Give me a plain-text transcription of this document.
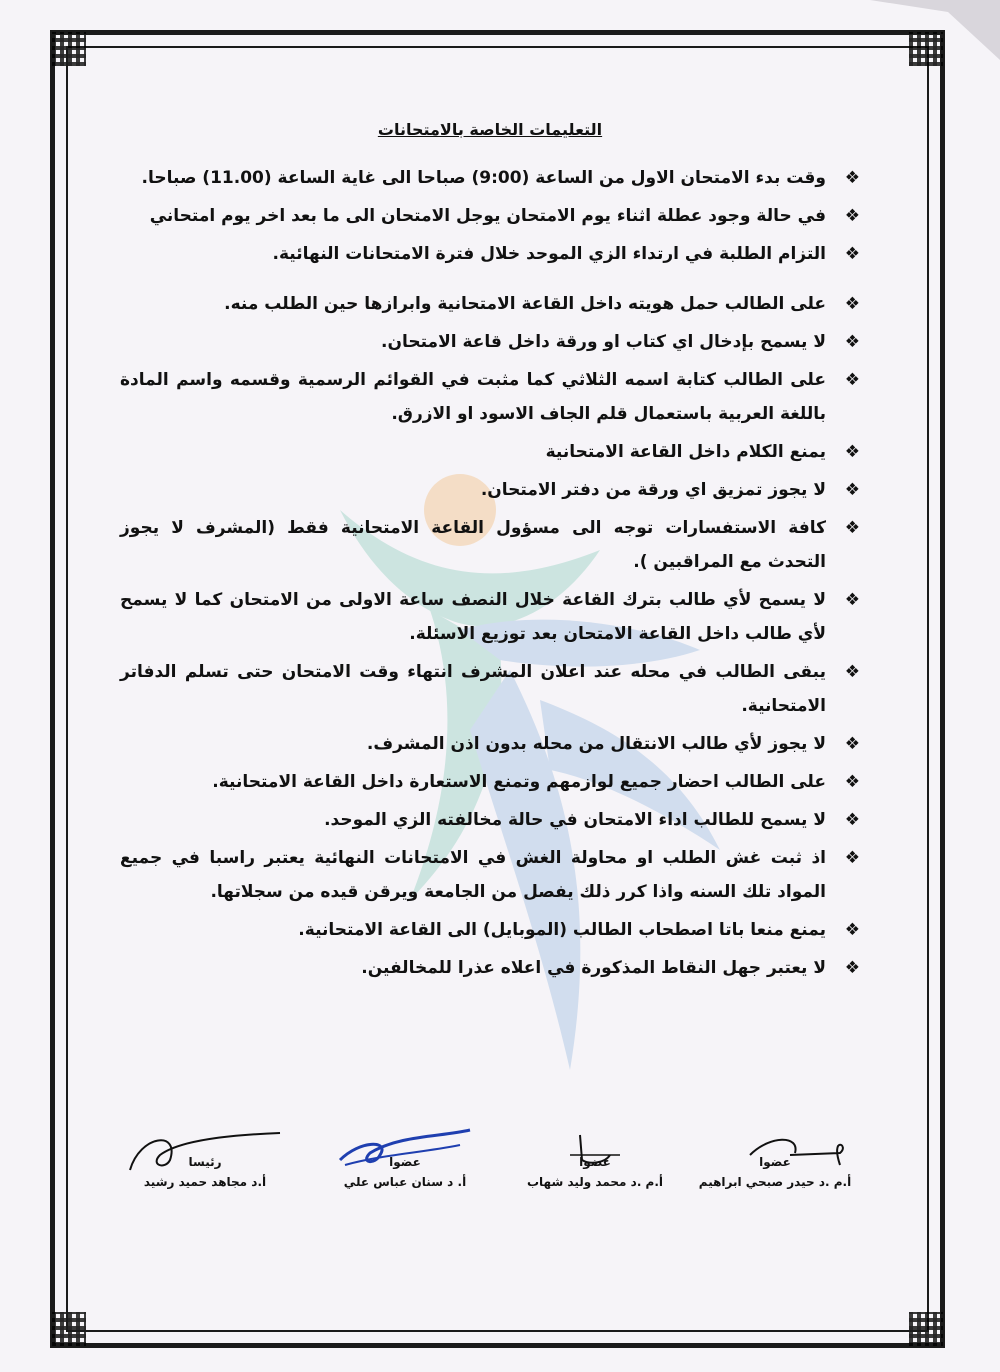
التعليمات الخاصة بالامتحانات
❖
وقت بدء الامتحان الاول من الساعة (9:00) صباحا الى غاية الساعة (11.00) صباحا.
❖
في حالة وجود عطلة اثناء يوم الامتحان يوجل الامتحان الى ما بعد اخر يوم امتحاني
❖
التزام الطلبة في ارتداء الزي الموحد خلال فترة الامتحانات النهائية.
❖
على الطالب حمل هويته داخل القاعة الامتحانية وابرازها حين الطلب منه.
❖
لا يسمح بإدخال اي كتاب او ورقة داخل قاعة الامتحان.
❖
على الطالب كتابة اسمه الثلاثي كما مثبت في القوائم الرسمية وقسمه واسم المادة باللغة العربية باستعمال قلم الجاف الاسود او الازرق.
❖
يمنع الكلام داخل القاعة الامتحانية
❖
لا يجوز تمزيق اي ورقة من دفتر الامتحان.
❖
كافة الاستفسارات توجه الى مسؤول القاعة الامتحانية فقط (المشرف لا يجوز التحدث مع المراقبين ).
❖
لا يسمح لأي طالب بترك القاعة خلال النصف ساعة الاولى من الامتحان كما لا يسمح لأي طالب داخل القاعة الامتحان بعد توزيع الاسئلة.
❖
يبقى الطالب في محله عند اعلان المشرف انتهاء وقت الامتحان حتى تسلم الدفاتر الامتحانية.
❖
لا يجوز لأي طالب الانتقال من محله بدون اذن المشرف.
❖
على الطالب احضار جميع لوازمهم وتمنع الاستعارة داخل القاعة الامتحانية.
❖
لا يسمح للطالب اداء الامتحان في حالة مخالفته الزي الموحد.
❖
اذ ثبت غش الطلب او محاولة الغش في الامتحانات النهائية يعتبر راسبا في جميع المواد تلك السنه واذا كرر ذلك يفصل من الجامعة ويرقن قيده من سجلاتها.
❖
يمنع منعا باتا اصطحاب الطالب (الموبايل) الى القاعة الامتحانية.
❖
لا يعتبر جهل النقاط المذكورة في اعلاه عذرا للمخالفين.
رئيسا
أ.د مجاهد حميد رشيد
عضوا
أ. د سنان عباس علي
عضوا
أ.م .د محمد وليد شهاب
عضوا
أ.م .د حيدر صبحي ابراهيم
